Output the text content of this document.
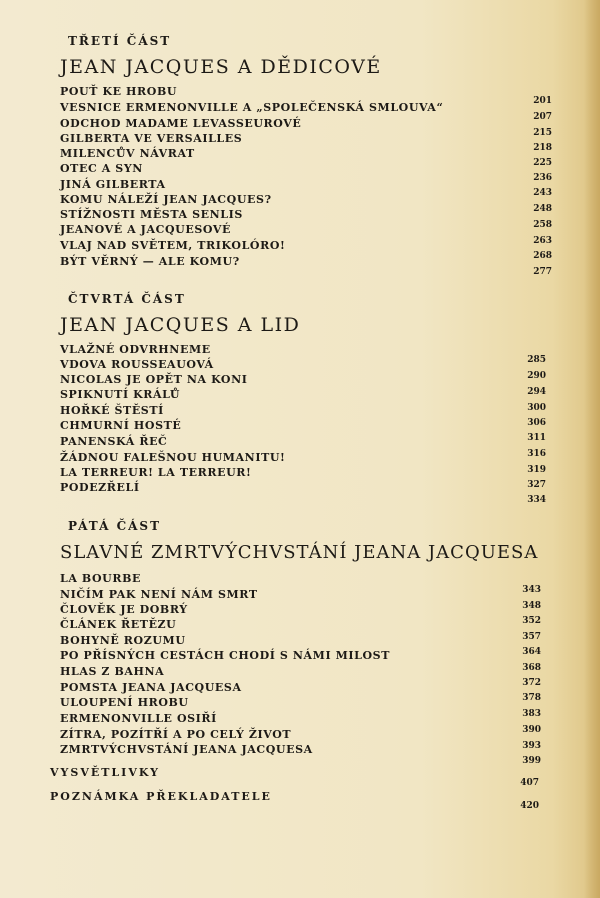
TŘETÍ ČÁST
JEAN JACQUES A DĚDICOVÉ
ČTVRTÁ ČÁST
JEAN JACQUES A LID
PÁTÁ ČÁST
SLAVNÉ ZMRTVÝCHVSTÁNÍ JEANA JACQUESA
POUŤ KE HROBU
VESNICE ERMENONVILLE A „SPOLEČENSKÁ SMLOUVA“
ODCHOD MADAME LEVASSEUROVÉ
GILBERTA VE VERSAILLES
MILENCŮV NÁVRAT
OTEC A SYN
JINÁ GILBERTA
KOMU NÁLEŽÍ JEAN JACQUES?
STÍŽNOSTI MĚSTA SENLIS
JEANOVÉ A JACQUESOVÉ
VLAJ NAD SVĚTEM, TRIKOLÓRO!
BÝT VĚRNÝ — ALE KOMU?
201
207
215
218
225
236
243
248
258
263
268
277
VLAŽNÉ ODVRHNEME
VDOVA ROUSSEAUOVÁ
NICOLAS JE OPĚT NA KONI
SPIKNUTÍ KRÁLŮ
HOŘKÉ ŠTĚSTÍ
CHMURNÍ HOSTÉ
PANENSKÁ ŘEČ
ŽÁDNOU FALEŠNOU HUMANITU!
LA TERREUR! LA TERREUR!
PODEZŘELÍ
285
290
294
300
306
311
316
319
327
334
LA BOURBE
NIČÍM PAK NENÍ NÁM SMRT
ČLOVĚK JE DOBRÝ
ČLÁNEK ŘETĚZU
BOHYNĚ ROZUMU
PO PŘÍSNÝCH CESTÁCH CHODÍ S NÁMI MILOST
HLAS Z BAHNA
POMSTA JEANA JACQUESA
ULOUPENÍ HROBU
ERMENONVILLE OSIŘÍ
ZÍTRA, POZÍTŘÍ A PO CELÝ ŽIVOT
ZMRTVÝCHVSTÁNÍ JEANA JACQUESA
343
348
352
357
364
368
372
378
383
390
393
399
VYSVĚTLIVKY
407
POZNÁMKA PŘEKLADATELE
420
